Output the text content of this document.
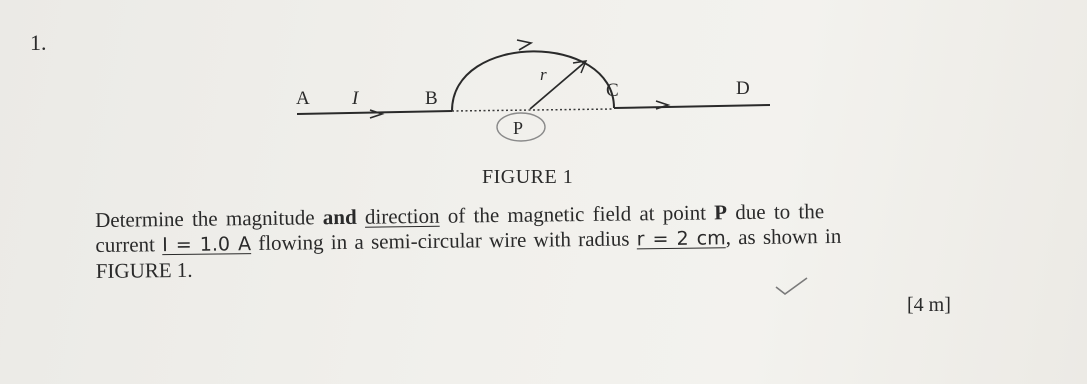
1.
A I	B
r
C	D
P
FIGURE 1
Determine the magnitude and direction of the magnetic field at point P due to the
current I = 1.0 A flowing in a semi-circular wire with radius r = 2 cm, as shown in
FIGURE 1.
[4 m]
